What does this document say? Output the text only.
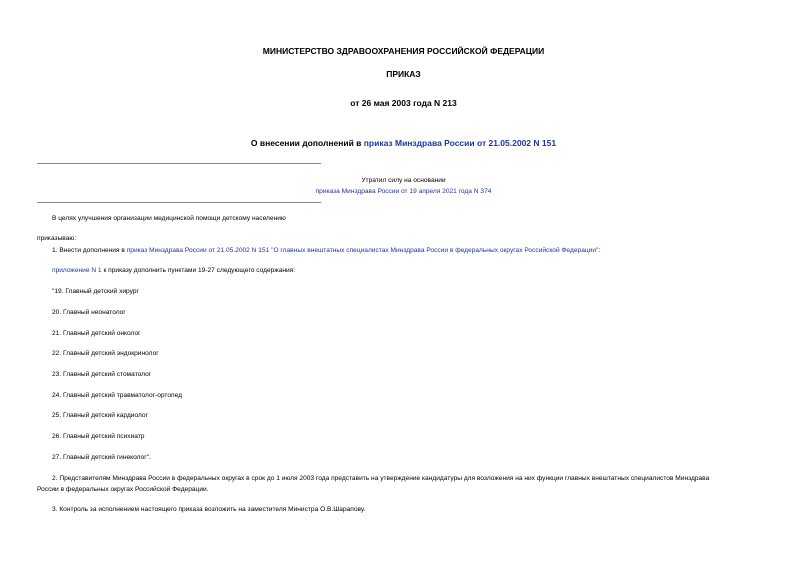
МИНИСТЕРСТВО ЗДРАВООХРАНЕНИЯ РОССИЙСКОЙ ФЕДЕРАЦИИ
ПРИКАЗ
от 26 мая 2003 года N 213
О внесении дополнений в приказ Минздрава России от 21.05.2002 N 151
Утратил силу на основании
приказа Минздрава России от 19 апреля 2021 года N 374
В целях улучшения организации медицинской помощи детскому населению
приказываю:
1. Внести дополнения в приказ Минздрава России от 21.05.2002 N 151 "О главных внештатных специалистах Минздрава России в федеральных округах Российской Федерации":
приложение N 1 к приказу дополнить пунктами 19-27 следующего содержания:
"19. Главный детский хирург
20. Главный неонатолог
21. Главный детский онколог
22. Главный детский эндокринолог
23. Главный детский стоматолог
24. Главный детский травматолог-ортопед
25. Главный детский кардиолог
26. Главный детский психиатр
27. Главный детский гинеколог".
2. Представителям Минздрава России в федеральных округах в срок до 1 июля 2003 года представить на утверждение кандидатуры для возложения на них функции главных внештатных специалистов Минздрава
России в федеральных округах Российской Федерации.
3. Контроль за исполнением настоящего приказа возложить на заместителя Министра О.В.Шарапову.
